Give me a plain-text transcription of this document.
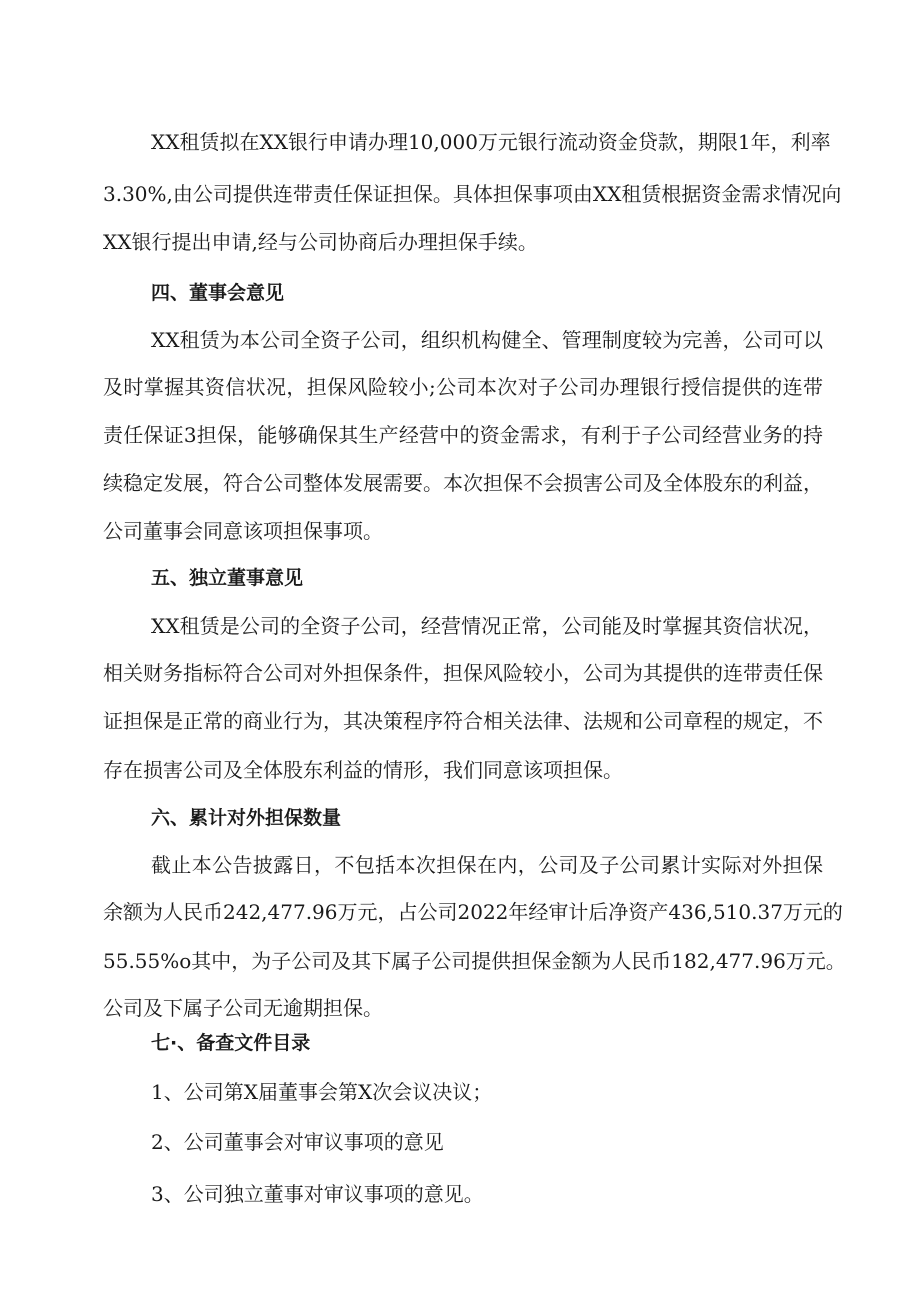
XX租赁拟在XX银行申请办理10,000万元银行流动资金贷款，期限1年，利率
3.30%,由公司提供连带责任保证担保。具体担保事项由XX租赁根据资金需求情况向
XX银行提出申请,经与公司协商后办理担保手续。
四、董事会意见
XX租赁为本公司全资子公司，组织机构健全、管理制度较为完善，公司可以
及时掌握其资信状况，担保风险较小;公司本次对子公司办理银行授信提供的连带
责任保证3担保，能够确保其生产经营中的资金需求，有利于子公司经营业务的持
续稳定发展，符合公司整体发展需要。本次担保不会损害公司及全体股东的利益，
公司董事会同意该项担保事项。
五、独立董事意见
XX租赁是公司的全资子公司，经营情况正常，公司能及时掌握其资信状况，
相关财务指标符合公司对外担保条件，担保风险较小，公司为其提供的连带责任保
证担保是正常的商业行为，其决策程序符合相关法律、法规和公司章程的规定，不
存在损害公司及全体股东利益的情形，我们同意该项担保。
六、累计对外担保数量
截止本公告披露日，不包括本次担保在内，公司及子公司累计实际对外担保
余额为人民币242,477.96万元，占公司2022年经审计后净资产436,510.37万元的
55.55%o其中，为子公司及其下属子公司提供担保金额为人民币182,477.96万元。
公司及下属子公司无逾期担保。
七·、备查文件目录
1、公司第X届董事会第X次会议决议；
2、公司董事会对审议事项的意见
3、公司独立董事对审议事项的意见。
